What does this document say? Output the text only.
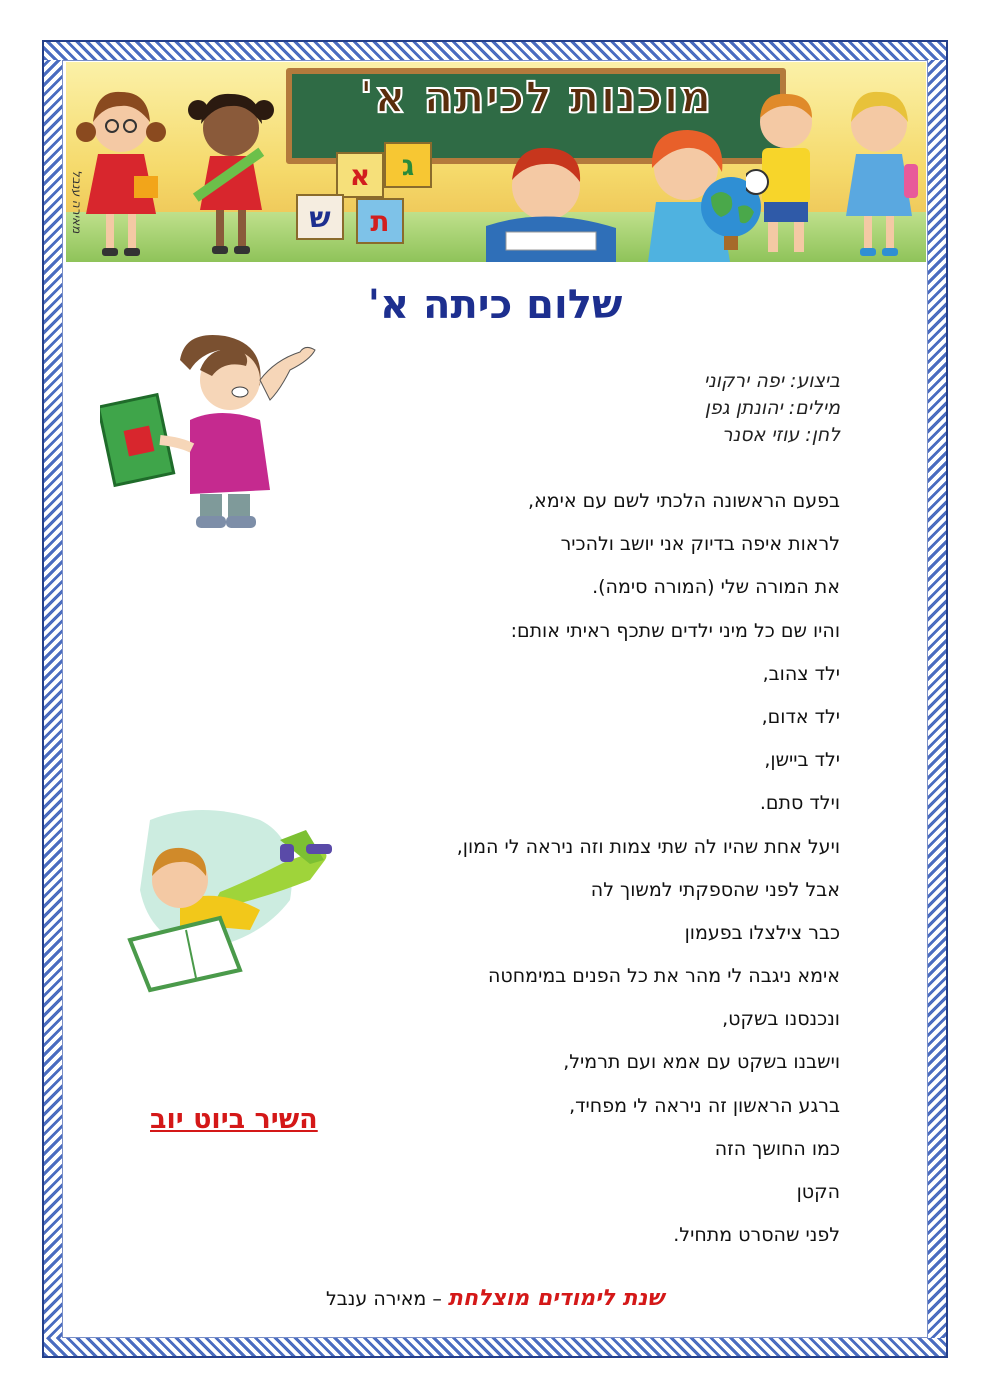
מוכנות לכיתה א'
ג
א
ת
ש
מאירה ענבל
שלום כיתה א'
ביצוע: יפה ירקוני
מילים: יהונתן גפן
לחן: עוזי אסנר
בפעם הראשונה הלכתי לשם עם אימא,
לראות איפה בדיוק אני יושב ולהכיר
את המורה שלי (המורה סימה).
והיו שם כל מיני ילדים שתכף ראיתי אותם:
ילד צהוב,
ילד אדום,
ילד ביישן,
וילד סתם.
ויעל אחת שהיו לה שתי צמות וזה ניראה לי המון,
אבל לפני שהספקתי למשוך לה
כבר צילצלו בפעמון
אימא ניגבה לי מהר את כל הפנים במימחטה
ונכנסנו בשקט,
וישבנו בשקט עם אמא ועם תרמיל,
ברגע הראשון זה ניראה לי מפחיד,
כמו החושך הזה
הקטן
לפני שהסרט מתחיל.
השיר ביוט יוב
שנת לימודים מוצלחת – מאירה ענבל
